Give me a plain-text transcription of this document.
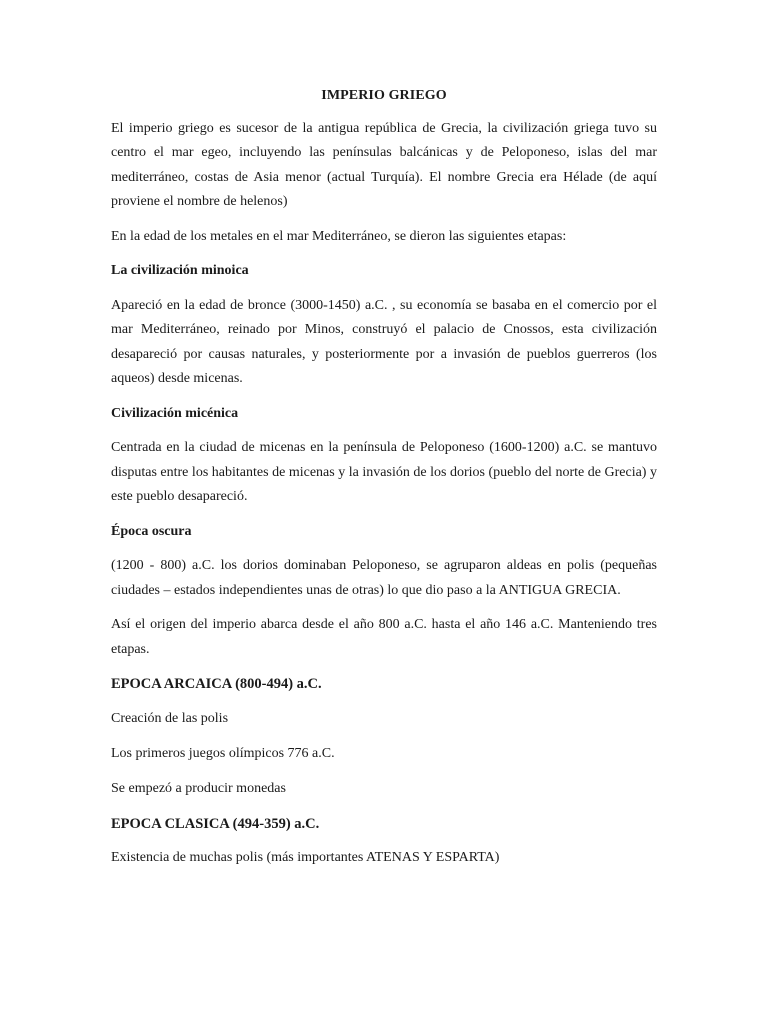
IMPERIO GRIEGO

El imperio griego es sucesor de la antigua república de Grecia, la civilización griega tuvo su centro el mar egeo, incluyendo las penínsulas balcánicas y de Peloponeso, islas del mar mediterráneo, costas de Asia menor (actual Turquía). El nombre Grecia era Hélade (de aquí proviene el nombre de helenos)

En la edad de los metales en el mar Mediterráneo, se dieron las siguientes etapas:

La civilización minoica

Apareció en la edad de bronce (3000-1450) a.C. , su economía se basaba en el comercio por el mar Mediterráneo, reinado por Minos, construyó el palacio de Cnossos, esta civilización desapareció por causas naturales, y posteriormente por a invasión de pueblos guerreros (los aqueos) desde micenas.

Civilización micénica

Centrada en la ciudad de micenas en la península de Peloponeso (1600-1200) a.C. se mantuvo disputas entre los habitantes de micenas y la invasión de los dorios (pueblo del norte de Grecia) y este pueblo desapareció.

Época oscura

(1200 - 800) a.C. los dorios dominaban Peloponeso, se agruparon aldeas en polis (pequeñas ciudades – estados independientes unas de otras) lo que dio paso a la ANTIGUA GRECIA.

Así el origen del imperio abarca desde el año 800 a.C. hasta el año 146 a.C. Manteniendo tres etapas.

EPOCA ARCAICA (800-494) a.C.

Creación de las polis

Los primeros juegos olímpicos 776 a.C.

Se empezó a producir monedas

EPOCA CLASICA (494-359) a.C.

Existencia de muchas polis (más importantes ATENAS Y ESPARTA)
